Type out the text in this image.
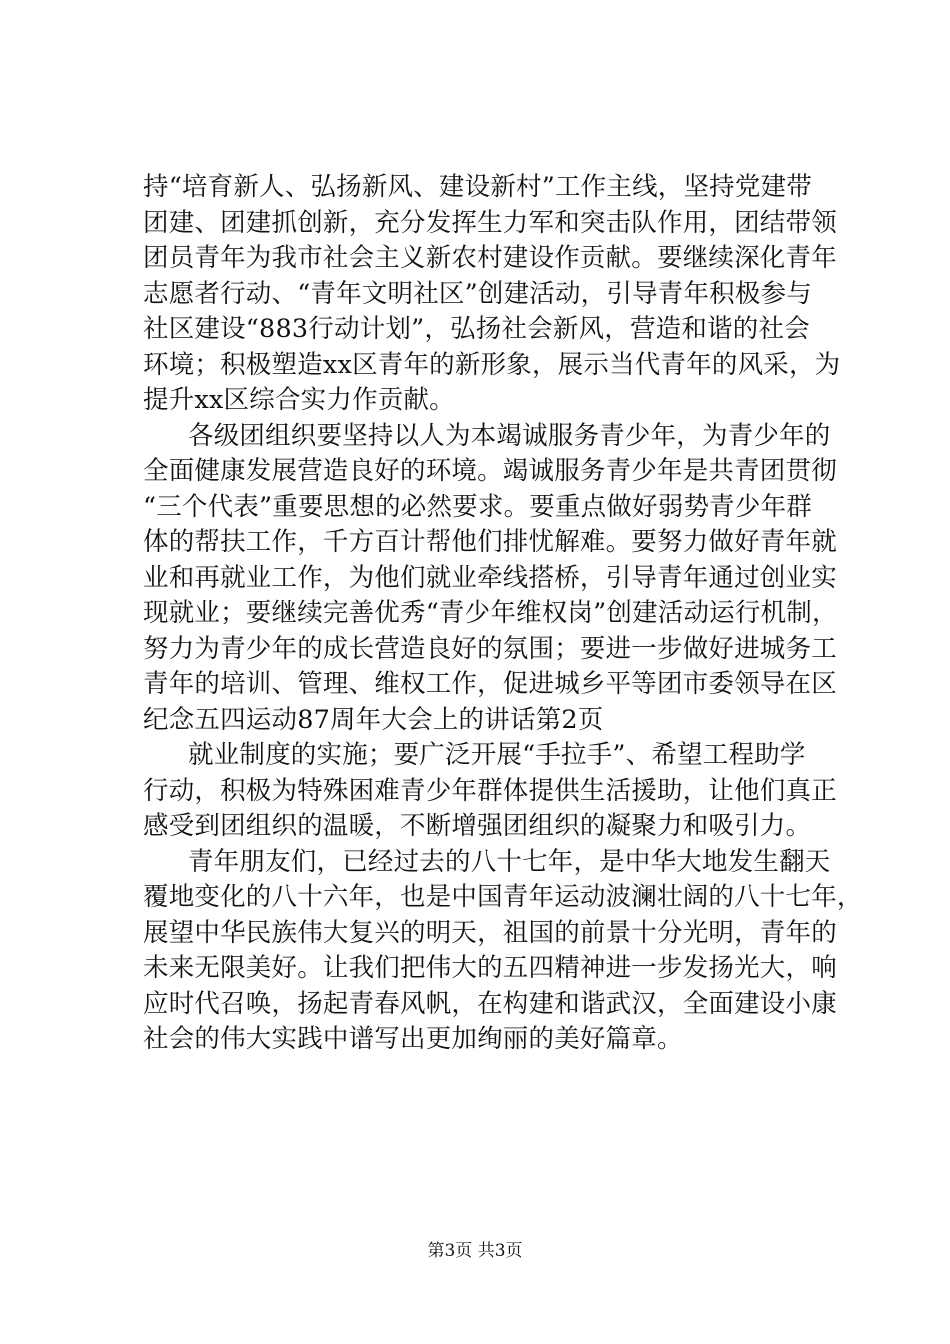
持“培育新人、弘扬新风、建设新村”工作主线，坚持党建带
团建、团建抓创新，充分发挥生力军和突击队作用，团结带领
团员青年为我市社会主义新农村建设作贡献。要继续深化青年
志愿者行动、“青年文明社区”创建活动，引导青年积极参与
社区建设“883行动计划”，弘扬社会新风，营造和谐的社会
环境；积极塑造xx区青年的新形象，展示当代青年的风采，为
提升xx区综合实力作贡献。
各级团组织要坚持以人为本竭诚服务青少年，为青少年的
全面健康发展营造良好的环境。竭诚服务青少年是共青团贯彻
“三个代表”重要思想的必然要求。要重点做好弱势青少年群
体的帮扶工作，千方百计帮他们排忧解难。要努力做好青年就
业和再就业工作，为他们就业牵线搭桥，引导青年通过创业实
现就业；要继续完善优秀“青少年维权岗”创建活动运行机制，
努力为青少年的成长营造良好的氛围；要进一步做好进城务工
青年的培训、管理、维权工作，促进城乡平等团市委领导在区
纪念五四运动87周年大会上的讲话第2页
就业制度的实施；要广泛开展“手拉手”、希望工程助学
行动，积极为特殊困难青少年群体提供生活援助，让他们真正
感受到团组织的温暖，不断增强团组织的凝聚力和吸引力。
青年朋友们，已经过去的八十七年，是中华大地发生翻天
覆地变化的八十六年，也是中国青年运动波澜壮阔的八十七年，
展望中华民族伟大复兴的明天，祖国的前景十分光明，青年的
未来无限美好。让我们把伟大的五四精神进一步发扬光大，响
应时代召唤，扬起青春风帆，在构建和谐武汉，全面建设小康
社会的伟大实践中谱写出更加绚丽的美好篇章。
第3页 共3页
